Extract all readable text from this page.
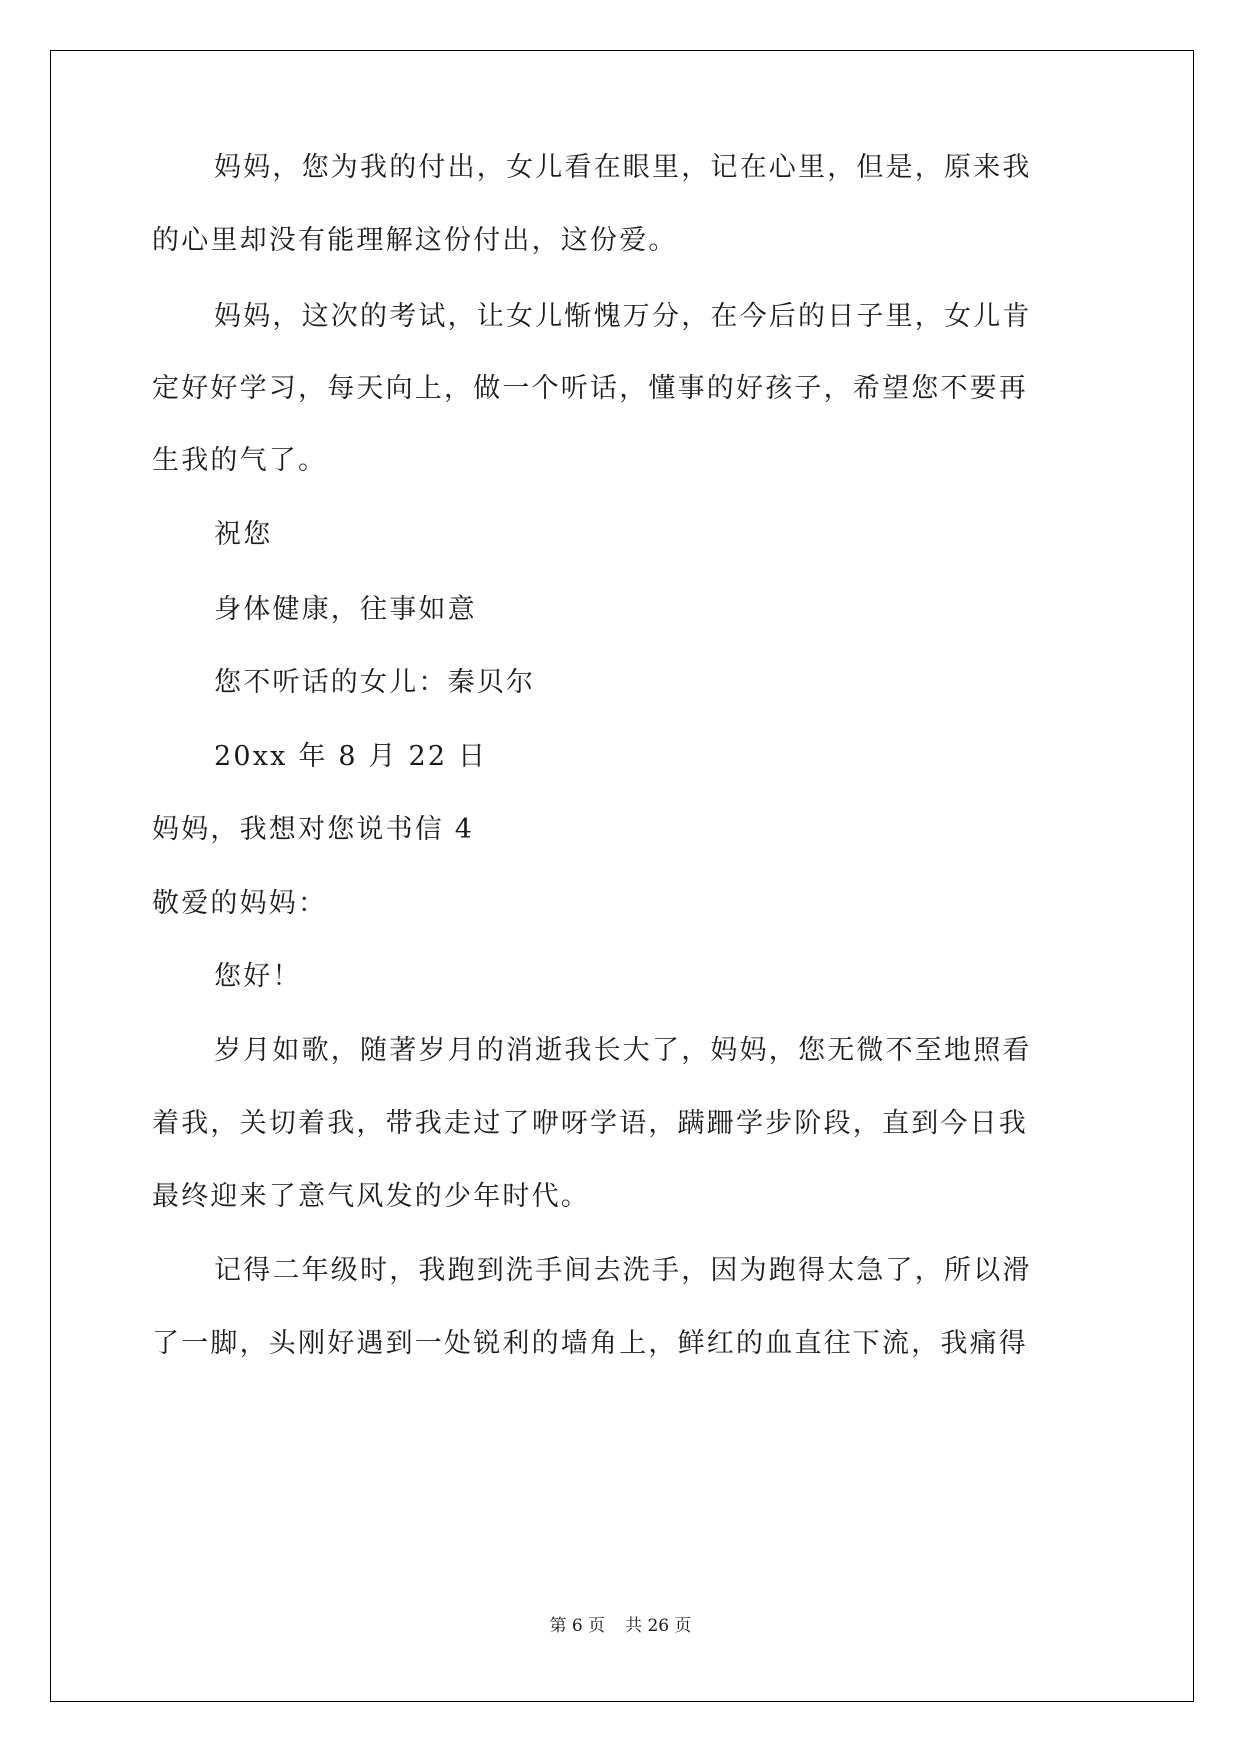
妈妈，您为我的付出，女儿看在眼里，记在心里，但是，原来我
的心里却没有能理解这份付出，这份爱。
妈妈，这次的考试，让女儿惭愧万分，在今后的日子里，女儿肯
定好好学习，每天向上，做一个听话，懂事的好孩子，希望您不要再
生我的气了。
祝您
身体健康，往事如意
您不听话的女儿：秦贝尔
20xx 年 8 月 22 日
妈妈，我想对您说书信 4
敬爱的妈妈：
您好！
岁月如歌，随著岁月的消逝我长大了，妈妈，您无微不至地照看
着我，关切着我，带我走过了咿呀学语，蹒跚学步阶段，直到今日我
最终迎来了意气风发的少年时代。
记得二年级时，我跑到洗手间去洗手，因为跑得太急了，所以滑
了一脚，头刚好遇到一处锐利的墙角上，鲜红的血直往下流，我痛得
第 6 页 共 26 页
